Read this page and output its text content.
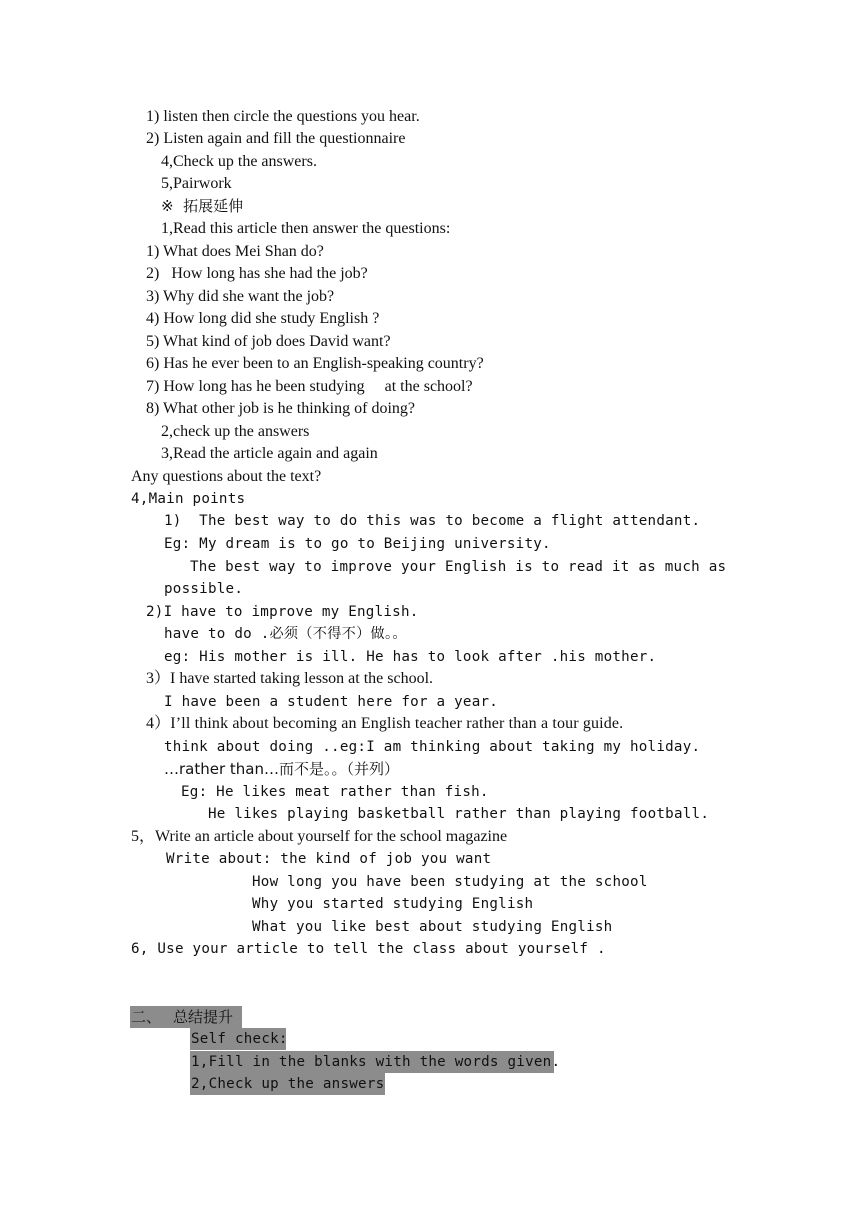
1) listen then circle the questions you hear.
2) Listen again and fill the questionnaire
4,Check up the answers.
5,Pairwork
※  拓展延伸
1,Read this article then answer the questions:
1) What does Mei Shan do?
2)   How long has she had the job?
3) Why did she want the job?
4) How long did she study English ?
5) What kind of job does David want?
6) Has he ever been to an English-speaking country?
7) How long has he been studying     at the school?
8) What other job is he thinking of doing?
2,check up the answers
3,Read the article again and again
Any questions about the text?
4,Main points
1)  The best way to do this was to become a flight attendant.
Eg: My dream is to go to Beijing university.
The best way to improve your English is to read it as much as
possible.
2)I have to improve my English.
have to do .必须（不得不）做。。
eg: His mother is ill. He has to look after .his mother.
3）I have started taking lesson at the school.
I have been a student here for a year.
4）I’ll think about becoming an English teacher rather than a tour guide.
think about doing ..eg:I am thinking about taking my holiday.
…rather than…而不是。。（并列）
Eg: He likes meat rather than fish.
He likes playing basketball rather than playing football.
5，Write an article about yourself for the school magazine
Write about: the kind of job you want
How long you have been studying at the school
Why you started studying English
What you like best about studying English
6, Use your article to tell the class about yourself .
二、 总结提升
Self check:
1,Fill in the blanks with the words given.
2,Check up the answers
